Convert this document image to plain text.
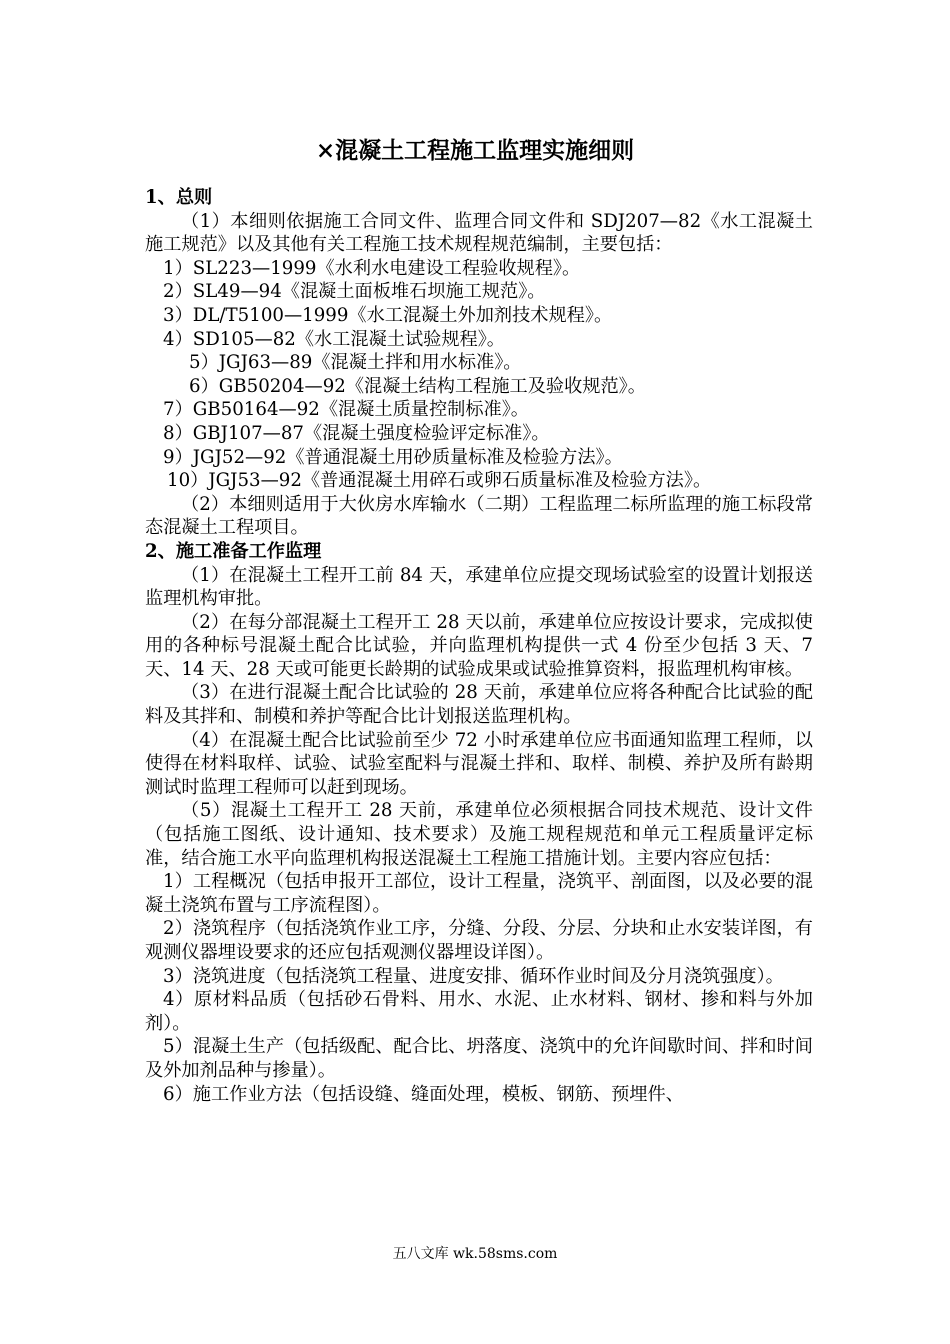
×混凝土工程施工监理实施细则

1、总则

（1）本细则依据施工合同文件、监理合同文件和 SDJ207—82《水工混凝土施工规范》以及其他有关工程施工技术规程规范编制，主要包括：

1）SL223—1999《水利水电建设工程验收规程》。

2）SL49—94《混凝土面板堆石坝施工规范》。

3）DL/T5100—1999《水工混凝土外加剂技术规程》。

4）SD105—82《水工混凝土试验规程》。

5）JGJ63—89《混凝土拌和用水标准》。

6）GB50204—92《混凝土结构工程施工及验收规范》。

7）GB50164—92《混凝土质量控制标准》。

8）GBJ107—87《混凝土强度检验评定标准》。

9）JGJ52—92《普通混凝土用砂质量标准及检验方法》。

10）JGJ53—92《普通混凝土用碎石或卵石质量标准及检验方法》。

（2）本细则适用于大伙房水库输水（二期）工程监理二标所监理的施工标段常态混凝土工程项目。

2、施工准备工作监理

（1）在混凝土工程开工前 84 天，承建单位应提交现场试验室的设置计划报送监理机构审批。

（2）在每分部混凝土工程开工 28 天以前，承建单位应按设计要求，完成拟使用的各种标号混凝土配合比试验，并向监理机构提供一式 4 份至少包括 3 天、7 天、14 天、28 天或可能更长龄期的试验成果或试验推算资料，报监理机构审核。

（3）在进行混凝土配合比试验的 28 天前，承建单位应将各种配合比试验的配料及其拌和、制模和养护等配合比计划报送监理机构。

（4）在混凝土配合比试验前至少 72 小时承建单位应书面通知监理工程师，以使得在材料取样、试验、试验室配料与混凝土拌和、取样、制模、养护及所有龄期测试时监理工程师可以赶到现场。

（5）混凝土工程开工 28 天前，承建单位必须根据合同技术规范、设计文件（包括施工图纸、设计通知、技术要求）及施工规程规范和单元工程质量评定标准，结合施工水平向监理机构报送混凝土工程施工措施计划。主要内容应包括：

1）工程概况（包括申报开工部位，设计工程量，浇筑平、剖面图，以及必要的混凝土浇筑布置与工序流程图）。

2）浇筑程序（包括浇筑作业工序，分缝、分段、分层、分块和止水安装详图，有观测仪器埋设要求的还应包括观测仪器埋设详图）。

3）浇筑进度（包括浇筑工程量、进度安排、循环作业时间及分月浇筑强度）。

4）原材料品质（包括砂石骨料、用水、水泥、止水材料、钢材、掺和料与外加剂）。

5）混凝土生产（包括级配、配合比、坍落度、浇筑中的允许间歇时间、拌和时间及外加剂品种与掺量）。

6）施工作业方法（包括设缝、缝面处理，模板、钢筋、预埋件、

五八文库 wk.58sms.com
